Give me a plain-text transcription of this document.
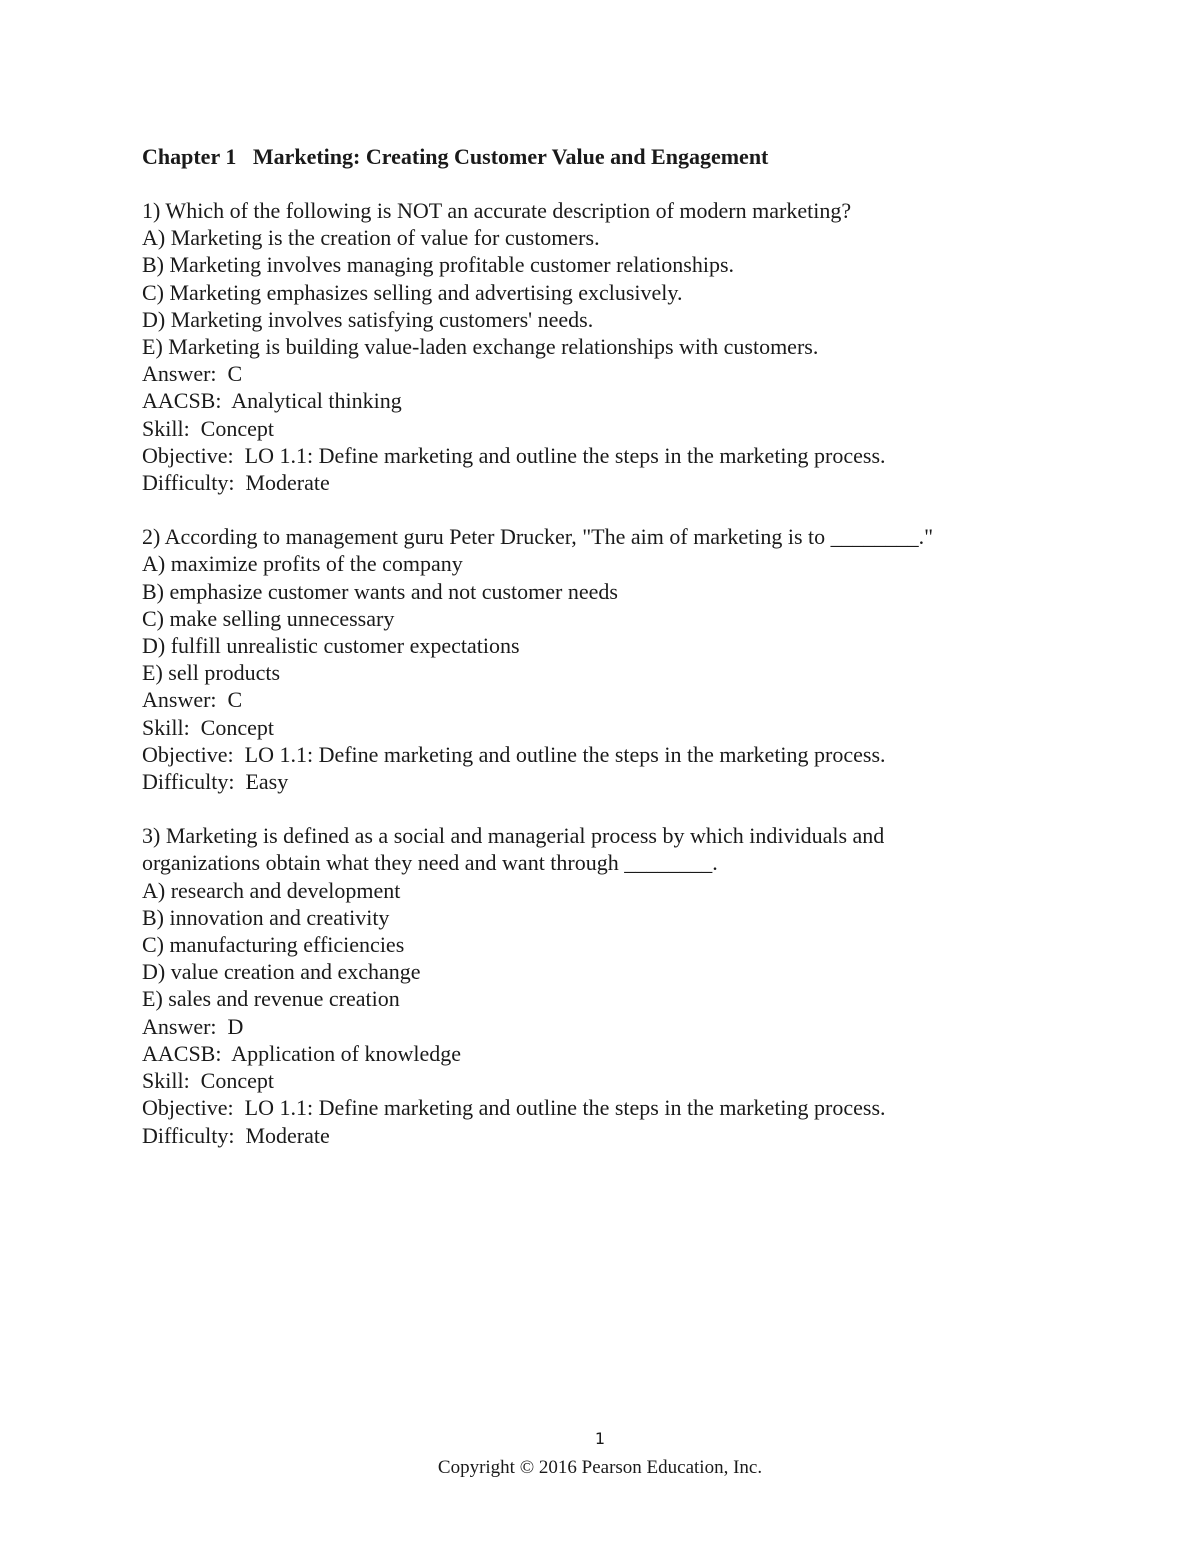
Chapter 1   Marketing: Creating Customer Value and Engagement
1) Which of the following is NOT an accurate description of modern marketing?
A) Marketing is the creation of value for customers.
B) Marketing involves managing profitable customer relationships.
C) Marketing emphasizes selling and advertising exclusively.
D) Marketing involves satisfying customers' needs.
E) Marketing is building value-laden exchange relationships with customers.
Answer:  C
AACSB:  Analytical thinking
Skill:  Concept
Objective:  LO 1.1: Define marketing and outline the steps in the marketing process.
Difficulty:  Moderate
2) According to management guru Peter Drucker, "The aim of marketing is to ________."
A) maximize profits of the company
B) emphasize customer wants and not customer needs
C) make selling unnecessary
D) fulfill unrealistic customer expectations
E) sell products
Answer:  C
Skill:  Concept
Objective:  LO 1.1: Define marketing and outline the steps in the marketing process.
Difficulty:  Easy
3) Marketing is defined as a social and managerial process by which individuals and
organizations obtain what they need and want through ________.
A) research and development
B) innovation and creativity
C) manufacturing efficiencies
D) value creation and exchange
E) sales and revenue creation
Answer:  D
AACSB:  Application of knowledge
Skill:  Concept
Objective:  LO 1.1: Define marketing and outline the steps in the marketing process.
Difficulty:  Moderate
1
Copyright © 2016 Pearson Education, Inc.
